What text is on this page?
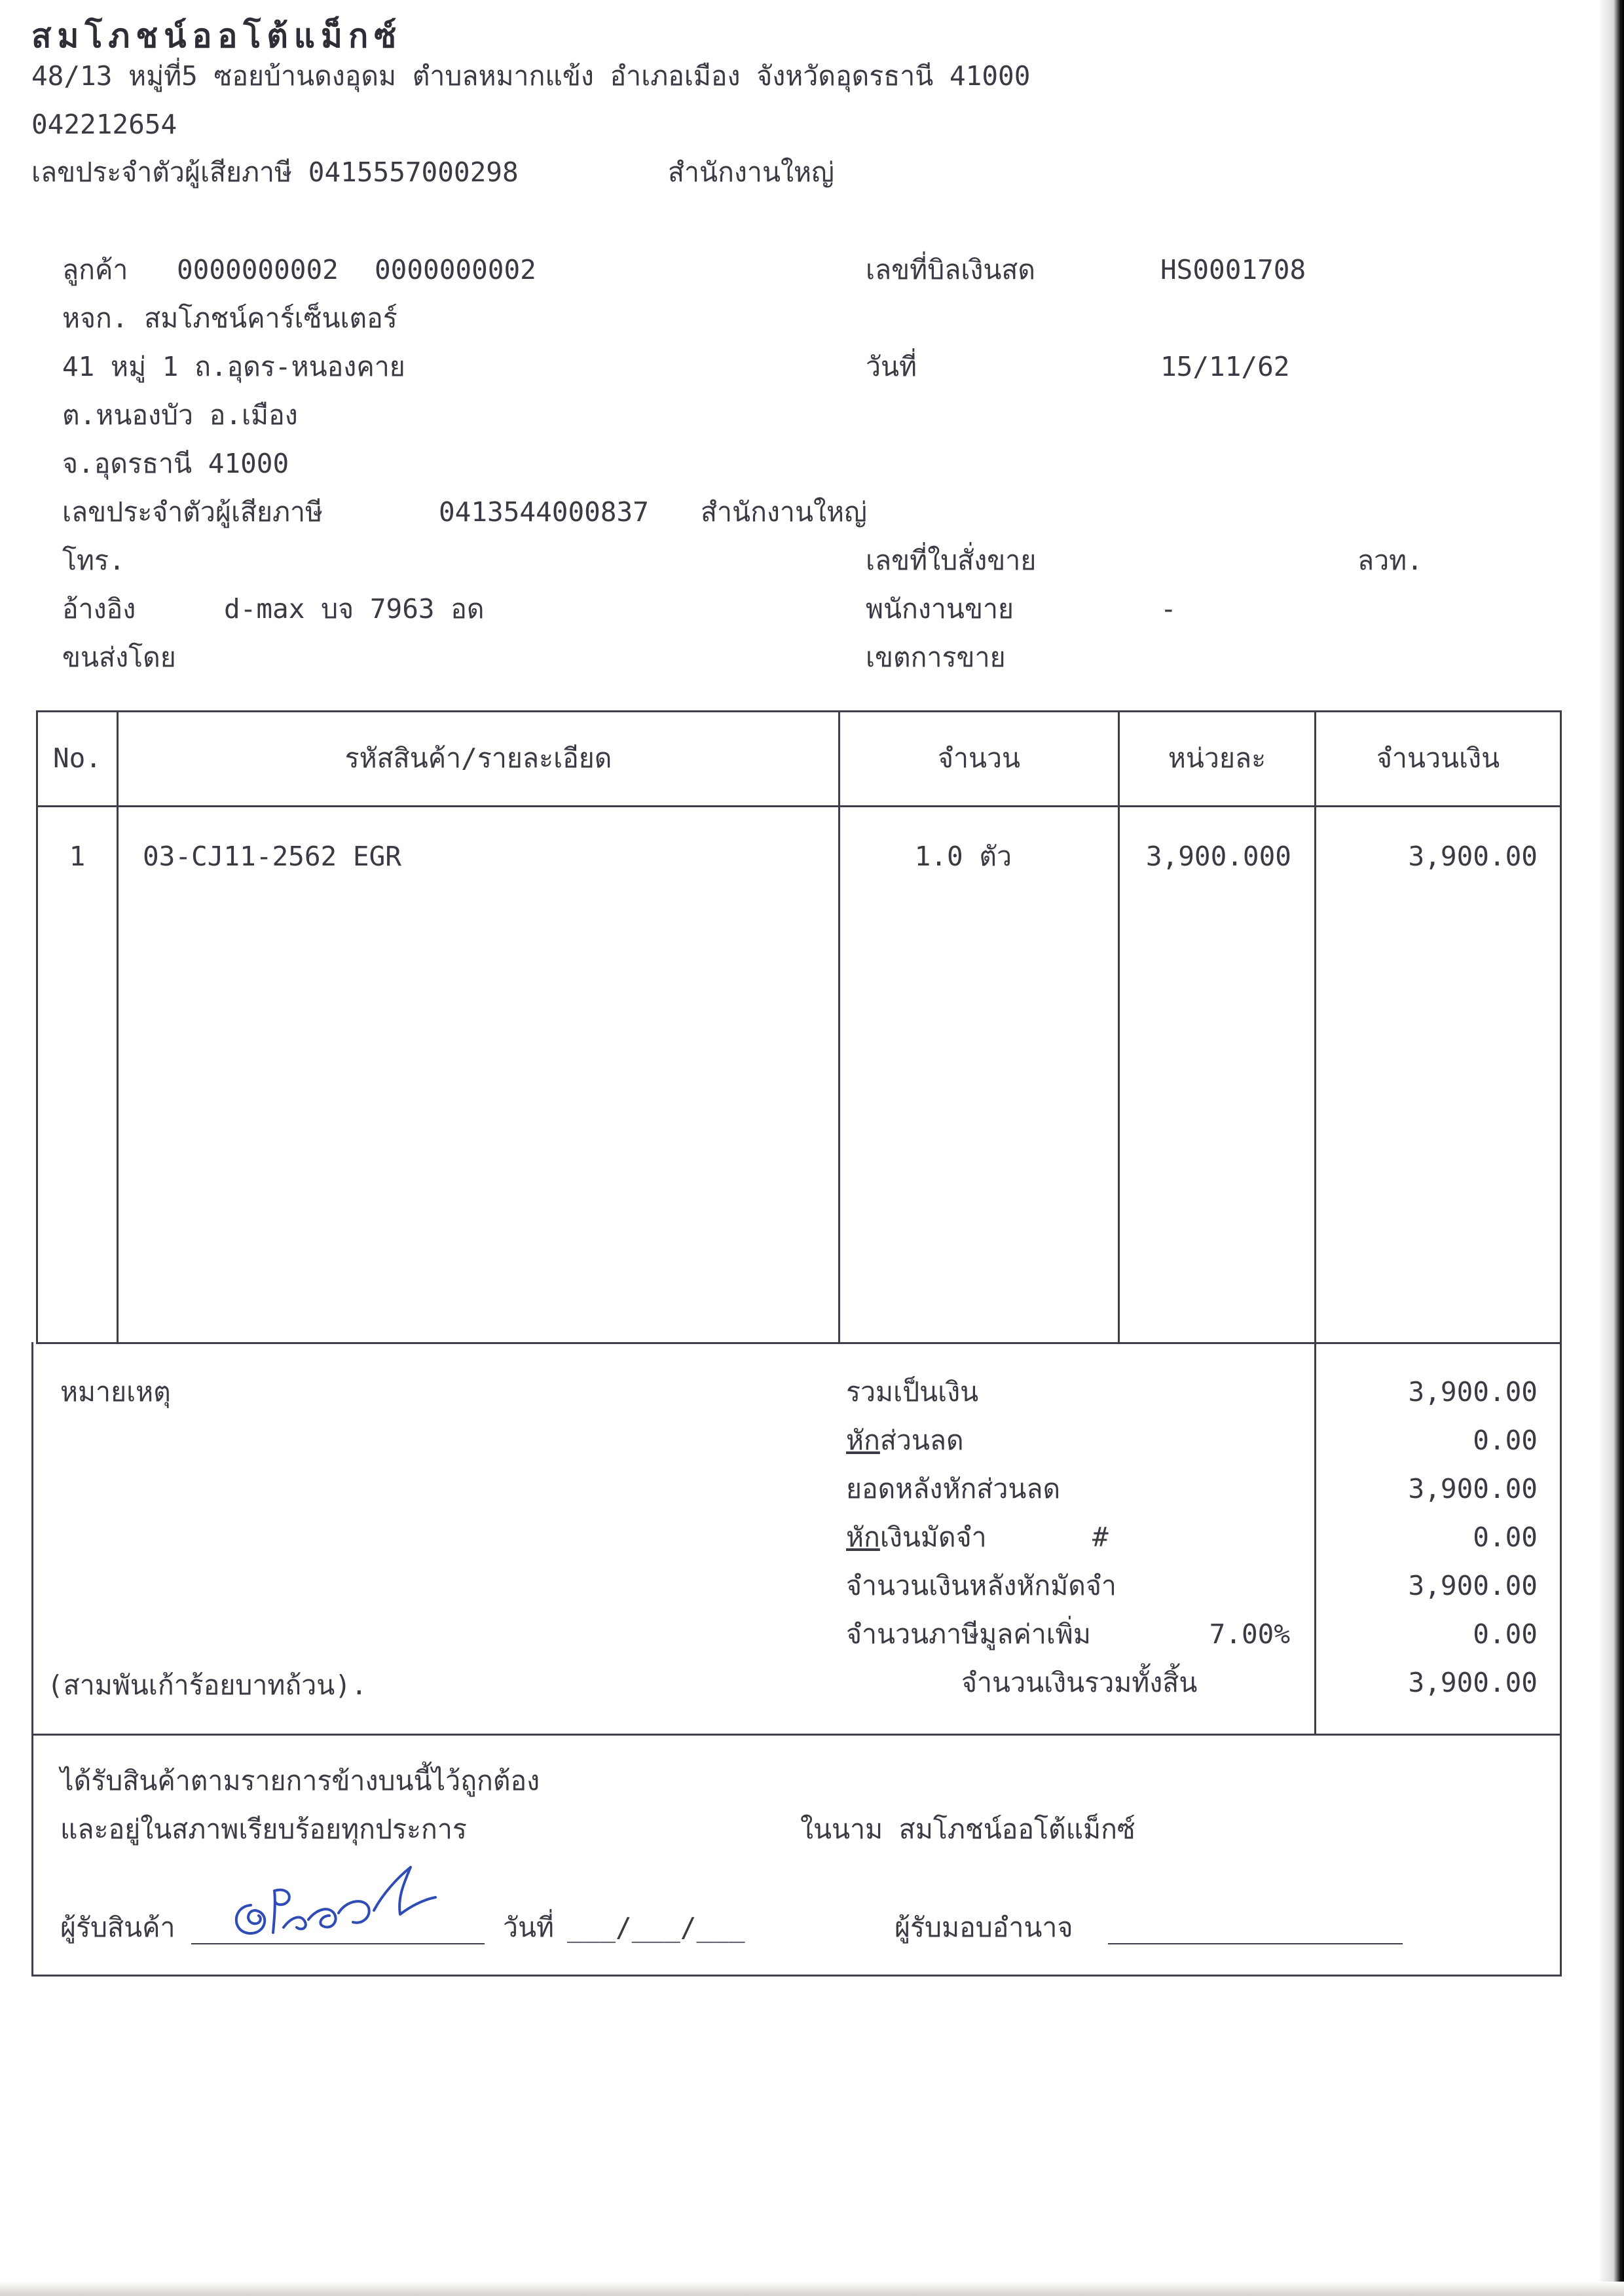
สมโภชน์ออโต้แม็กซ์
48/13 หมู่ที่5 ซอยบ้านดงอุดม ตำบลหมากแข้ง อำเภอเมือง จังหวัดอุดรธานี 41000
042212654
เลขประจำตัวผู้เสียภาษี 0415557000298	สำนักงานใหญ่
ลูกค้า 0000000002 0000000002
หจก. สมโภชน์คาร์เซ็นเตอร์
41 หมู่ 1 ถ.อุดร-หนองคาย
ต.หนองบัว อ.เมือง
จ.อุดรธานี 41000
เลขประจำตัวผู้เสียภาษี	0413544000837 สำนักงานใหญ่
โทร.
อ้างอิง	d-max บจ 7963 อด
ขนส่งโดย
เลขที่บิลเงินสด	HS0001708
วันที่	15/11/62
เลขที่ใบสั่งขาย	ลวท.
พนักงานขาย	-
เขตการขาย
No.	รหัสสินค้า/รายละเอียด	จำนวน	หน่วยละ	จำนวนเงิน
1	03-CJ11-2562 EGR	1.0 ตัว	3,900.000	3,900.00
หมายเหตุ
(สามพันเก้าร้อยบาทถ้วน).
รวมเป็นเงิน	3,900.00
หักส่วนลด	0.00
ยอดหลังหักส่วนลด	3,900.00
หักเงินมัดจำ	#	0.00
จำนวนเงินหลังหักมัดจำ	3,900.00
จำนวนภาษีมูลค่าเพิ่ม	7.00%	0.00
จำนวนเงินรวมทั้งสิ้น	3,900.00
ได้รับสินค้าตามรายการข้างบนนี้ไว้ถูกต้อง
และอยู่ในสภาพเรียบร้อยทุกประการ	ในนาม สมโภชน์ออโต้แม็กซ์
ผู้รับสินค้า	วันที่ ___/___/___	ผู้รับมอบอำนาจ
